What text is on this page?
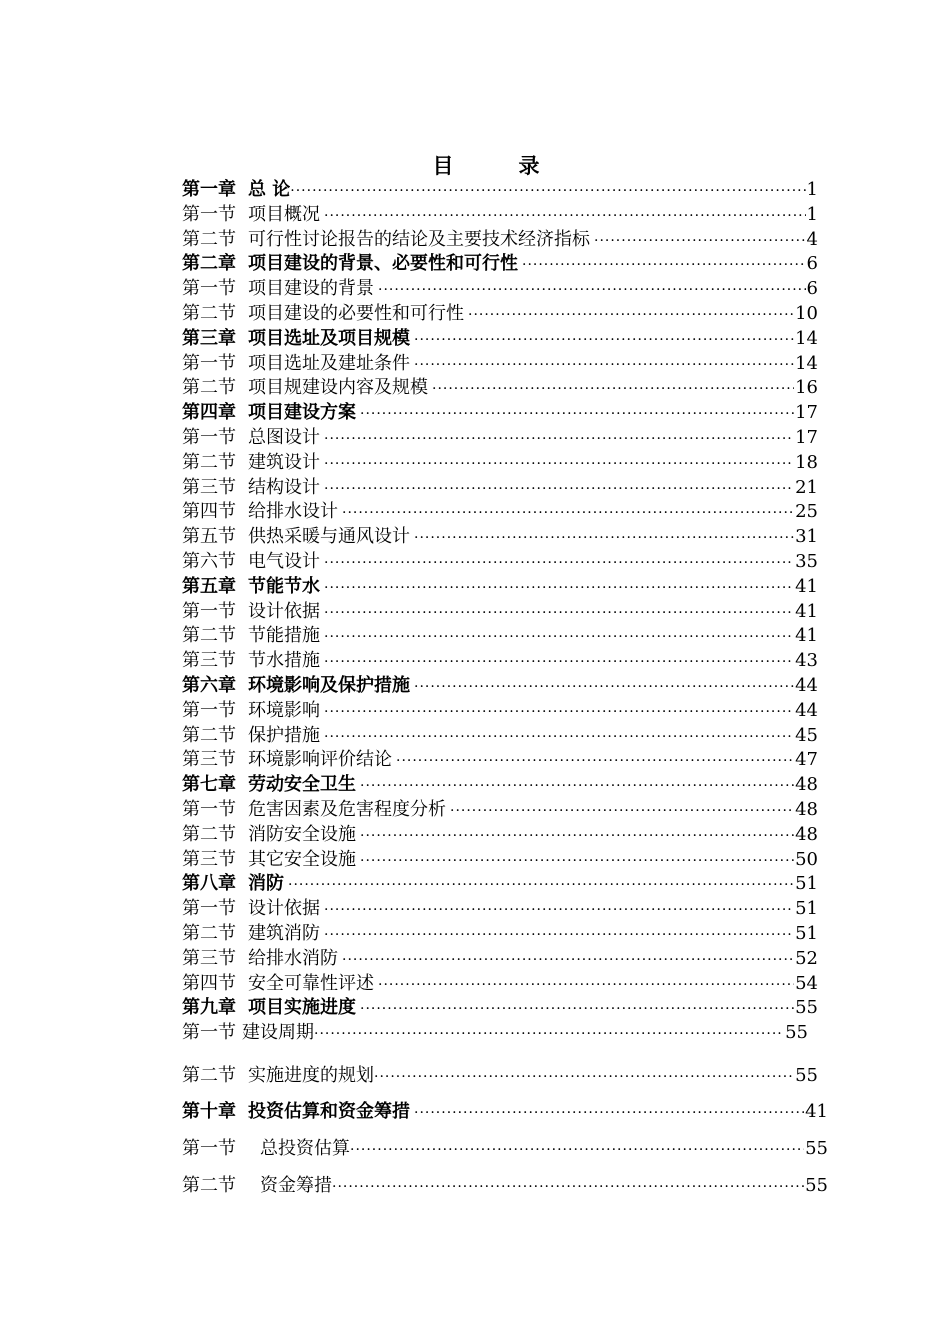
目　录
第一章 总 论 ·····	1
第一节 项目概况 ·····	1
第二节 可行性讨论报告的结论及主要技术经济指标 ·····	4
第二章 项目建设的背景、必要性和可行性 ·····	6
第一节 项目建设的背景 ·····	6
第二节 项目建设的必要性和可行性 ·····	10
第三章 项目选址及项目规模 ·····	14
第一节 项目选址及建址条件 ·····	14
第二节 项目规建设内容及规模 ·····	16
第四章 项目建设方案 ·····	17
第一节 总图设计 ·····	17
第二节 建筑设计 ·····	18
第三节 结构设计 ·····	21
第四节 给排水设计 ·····	25
第五节 供热采暖与通风设计 ·····	31
第六节 电气设计 ·····	35
第五章 节能节水 ·····	41
第一节 设计依据 ·····	41
第二节 节能措施 ·····	41
第三节 节水措施 ·····	43
第六章 环境影响及保护措施 ·····	44
第一节 环境影响 ·····	44
第二节 保护措施 ·····	45
第三节 环境影响评价结论 ·····	47
第七章 劳动安全卫生 ·····	48
第一节 危害因素及危害程度分析 ·····	48
第二节 消防安全设施 ·····	48
第三节 其它安全设施 ·····	50
第八章 消防 ·····	51
第一节 设计依据 ·····	51
第二节 建筑消防 ·····	51
第三节 给排水消防 ·····	52
第四节 安全可靠性评述 ·····	54
第九章 项目实施进度 ·····	55
第一节 建设周期 ·····	55
第二节 实施进度的规划 ·····	55
第十章 投资估算和资金筹措 ·····	41
第一节 总投资估算 ·····	55
第二节 资金筹措 ·····	55
